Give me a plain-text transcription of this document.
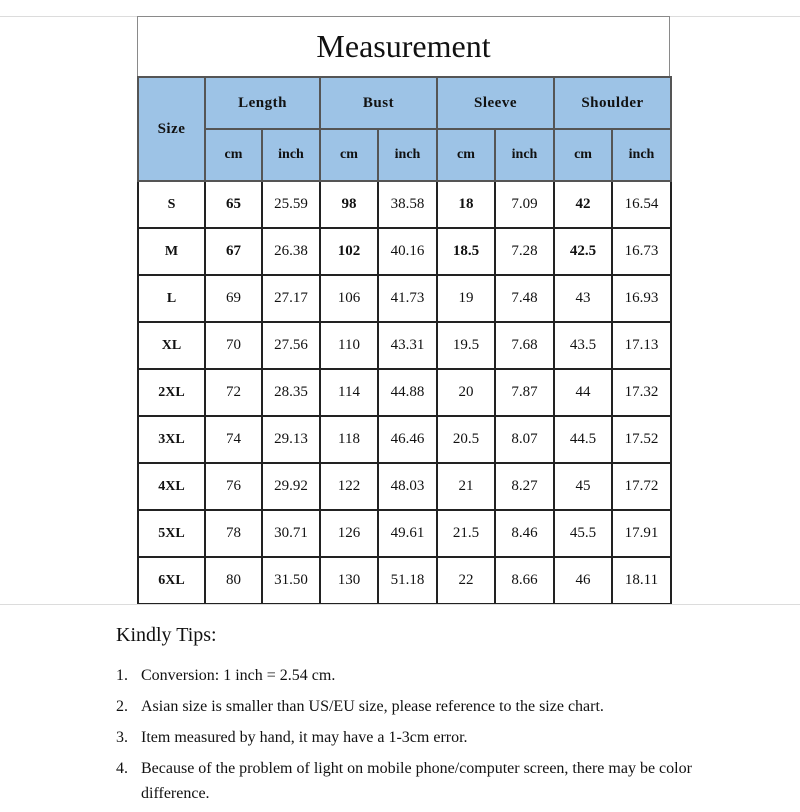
Measurement
Size	Length		Bust		Sleeve		Shoulder	
	cm	inch	cm	inch	cm	inch	cm	inch
S	65	25.59	98	38.58	18	7.09	42	16.54
M	67	26.38	102	40.16	18.5	7.28	42.5	16.73
L	69	27.17	106	41.73	19	7.48	43	16.93
XL	70	27.56	110	43.31	19.5	7.68	43.5	17.13
2XL	72	28.35	114	44.88	20	7.87	44	17.32
3XL	74	29.13	118	46.46	20.5	8.07	44.5	17.52
4XL	76	29.92	122	48.03	21	8.27	45	17.72
5XL	78	30.71	126	49.61	21.5	8.46	45.5	17.91
6XL	80	31.50	130	51.18	22	8.66	46	18.11
Kindly Tips:
1. Conversion: 1 inch = 2.54 cm.
2. Asian size is smaller than US/EU size, please reference to the size chart.
3. Item measured by hand, it may have a 1-3cm error.
4. Because of the problem of light on mobile phone/computer screen, there may be color difference.
